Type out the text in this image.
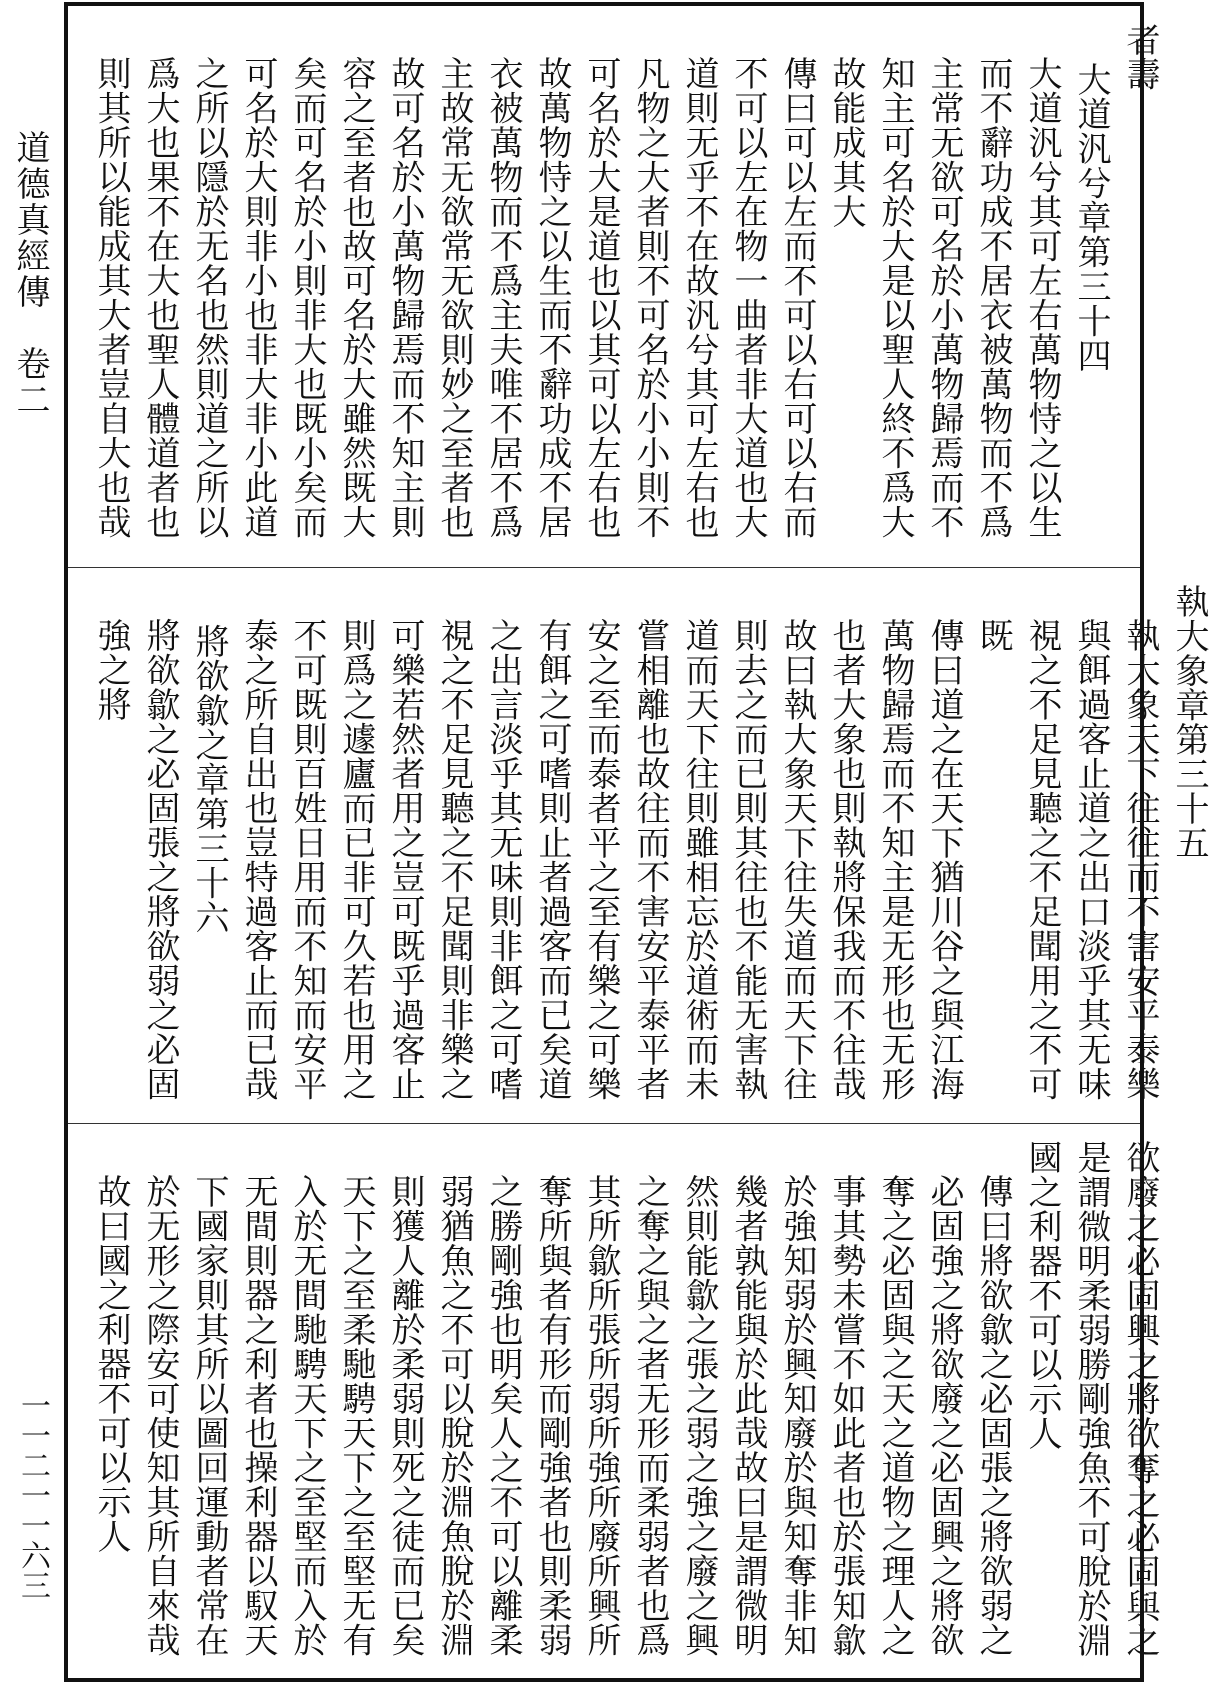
道德真經傳　卷二
一一二一一六三

者壽

大道汎兮章第三十四

大道汎兮其可左右萬物恃之以生而不辭功成不居衣被萬物而不爲主常无欲可名於小萬物歸焉而不知主可名於大是以聖人終不爲大故能成其大

傳曰可以左而不可以右可以右而不可以左在物一曲者非大道也大道則无乎不在故汎兮其可左右也凡物之大者則不可名於小小則不可名於大是道也以其可以左右也故萬物恃之以生而不辭功成不居衣被萬物而不爲主夫唯不居不爲主故常无欲常无欲則妙之至者也故可名於小萬物歸焉而不知主則容之至者也故可名於大雖然既大矣而可名於小則非大也既小矣而可名於大則非小也非大非小此道之所以隱於无名也然則道之所以爲大也果不在大也聖人體道者也則其所以能成其大者豈自大也哉

執大象章第三十五

執大象天下往往而不害安平泰樂與餌過客止道之出口淡乎其无味視之不足見聽之不足聞用之不可既

傳曰道之在天下猶川谷之與江海萬物歸焉而不知主是无形也无形也者大象也則執將保我而不往哉故曰執大象天下往失道而天下往則去之而已則其往也不能无害執道而天下往則雖相忘於道術而未嘗相離也故往而不害安平泰平者安之至而泰者平之至有樂之可樂有餌之可嗜則止者過客而已矣道之出言淡乎其无味則非餌之可嗜視之不足見聽之不足聞則非樂之可樂若然者用之豈可既乎過客止則爲之遽廬而已非可久若也用之不可既則百姓日用而不知而安平泰之所自出也豈特過客止而已哉

將欲歙之章第三十六

將欲歙之必固張之將欲弱之必固強之將

欲廢之必固興之將欲奪之必固與之是謂微明柔弱勝剛強魚不可脫於淵國之利器不可以示人

傳曰將欲歙之必固張之將欲弱之必固強之將欲廢之必固興之將欲奪之必固與之天之道物之理人之事其勢未嘗不如此者也於張知歙於強知弱於興知廢於與知奪非知幾者孰能與於此哉故曰是謂微明然則能歙之張之弱之強之廢之興之奪之與之者无形而柔弱者也爲其所歙所張所弱所強所廢所興所奪所與者有形而剛強者也則柔弱之勝剛強也明矣人之不可以離柔弱猶魚之不可以脫於淵魚脫於淵則獲人離於柔弱則死之徒而已矣天下之至柔馳騁天下之至堅无有入於无間馳騁天下之至堅而入於无間則器之利者也操利器以馭天下國家則其所以圖回運動者常在於无形之際安可使知其所自來哉故曰國之利器不可以示人
